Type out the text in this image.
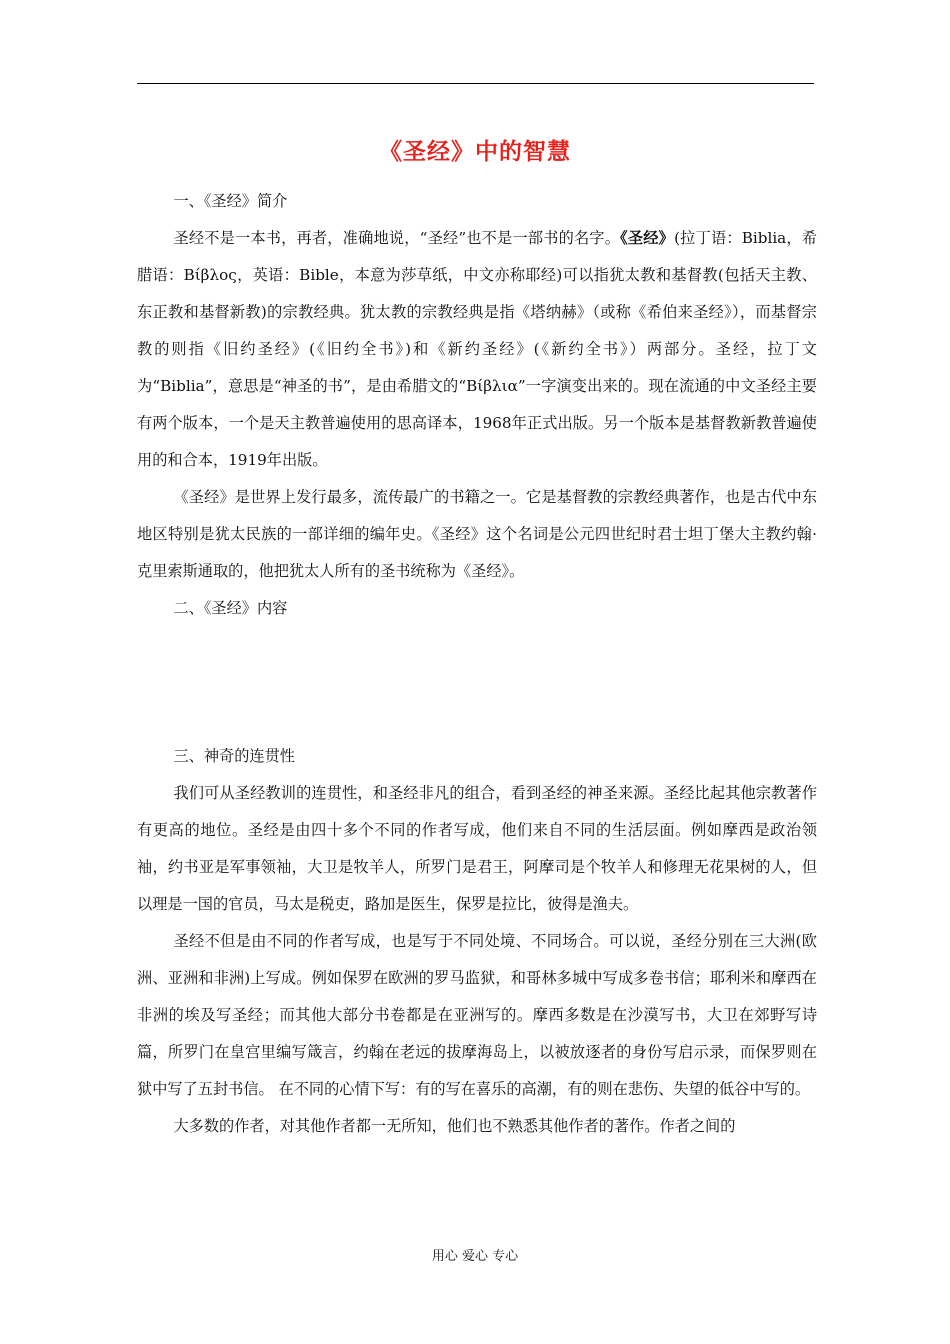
《圣经》中的智慧

一、《圣经》简介

圣经不是一本书，再者，准确地说，“圣经”也不是一部书的名字。《圣经》(拉丁语：Biblia，希腊语：Bίβλος，英语：Bible，本意为莎草纸，中文亦称耶经)可以指犹太教和基督教(包括天主教、东正教和基督新教)的宗教经典。犹太教的宗教经典是指《塔纳赫》（或称《希伯来圣经》），而基督宗教的则指《旧约圣经》(《旧约全书》)和《新约圣经》(《新约全书》）两部分。圣经，拉丁文为“Biblia”，意思是“神圣的书”，是由希腊文的“Bίβλια”一字演变出来的。现在流通的中文圣经主要有两个版本，一个是天主教普遍使用的思高译本，1968年正式出版。另一个版本是基督教新教普遍使用的和合本，1919年出版。

《圣经》是世界上发行最多，流传最广的书籍之一。它是基督教的宗教经典著作，也是古代中东地区特别是犹太民族的一部详细的编年史。《圣经》这个名词是公元四世纪时君士坦丁堡大主教约翰·克里索斯通取的，他把犹太人所有的圣书统称为《圣经》。

二、《圣经》内容

三、神奇的连贯性

我们可从圣经教训的连贯性，和圣经非凡的组合，看到圣经的神圣来源。圣经比起其他宗教著作有更高的地位。圣经是由四十多个不同的作者写成，他们来自不同的生活层面。例如摩西是政治领袖，约书亚是军事领袖，大卫是牧羊人，所罗门是君王，阿摩司是个牧羊人和修理无花果树的人，但以理是一国的官员，马太是税吏，路加是医生，保罗是拉比，彼得是渔夫。

圣经不但是由不同的作者写成，也是写于不同处境、不同场合。可以说，圣经分别在三大洲(欧洲、亚洲和非洲)上写成。例如保罗在欧洲的罗马监狱，和哥林多城中写成多卷书信；耶利米和摩西在非洲的埃及写圣经；而其他大部分书卷都是在亚洲写的。摩西多数是在沙漠写书，大卫在郊野写诗篇，所罗门在皇宫里编写箴言，约翰在老远的拔摩海岛上，以被放逐者的身份写启示录，而保罗则在狱中写了五封书信。 在不同的心情下写：有的写在喜乐的高潮，有的则在悲伤、失望的低谷中写的。

大多数的作者，对其他作者都一无所知，他们也不熟悉其他作者的著作。作者之间的

用心 爱心 专心
